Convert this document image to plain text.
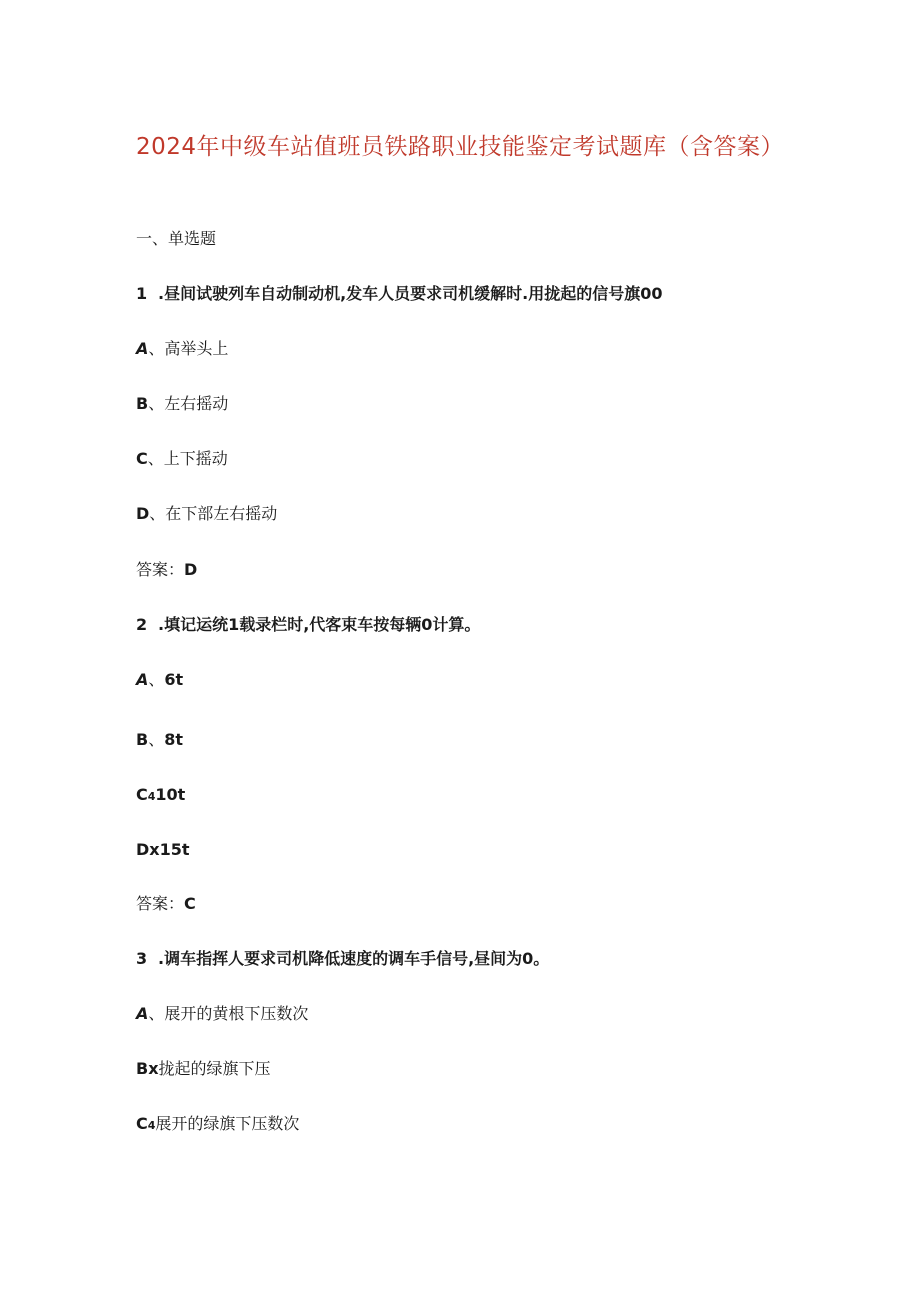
2024年中级车站值班员铁路职业技能鉴定考试题库（含答案）
一、单选题
1 .昼间试驶列车自动制动机,发车人员要求司机缓解时.用拢起的信号旗00
A、高举头上
B、左右摇动
C、上下摇动
D、在下部左右摇动
答案：D
2 .填记运统1载录栏时,代客束车按每辆0计算。
A、6t
B、8t
C410t
Dx15t
答案：C
3 .调车指挥人要求司机降低速度的调车手信号,昼间为0。
A、展开的黄根下压数次
Bx拢起的绿旗下压
C4展开的绿旗下压数次
